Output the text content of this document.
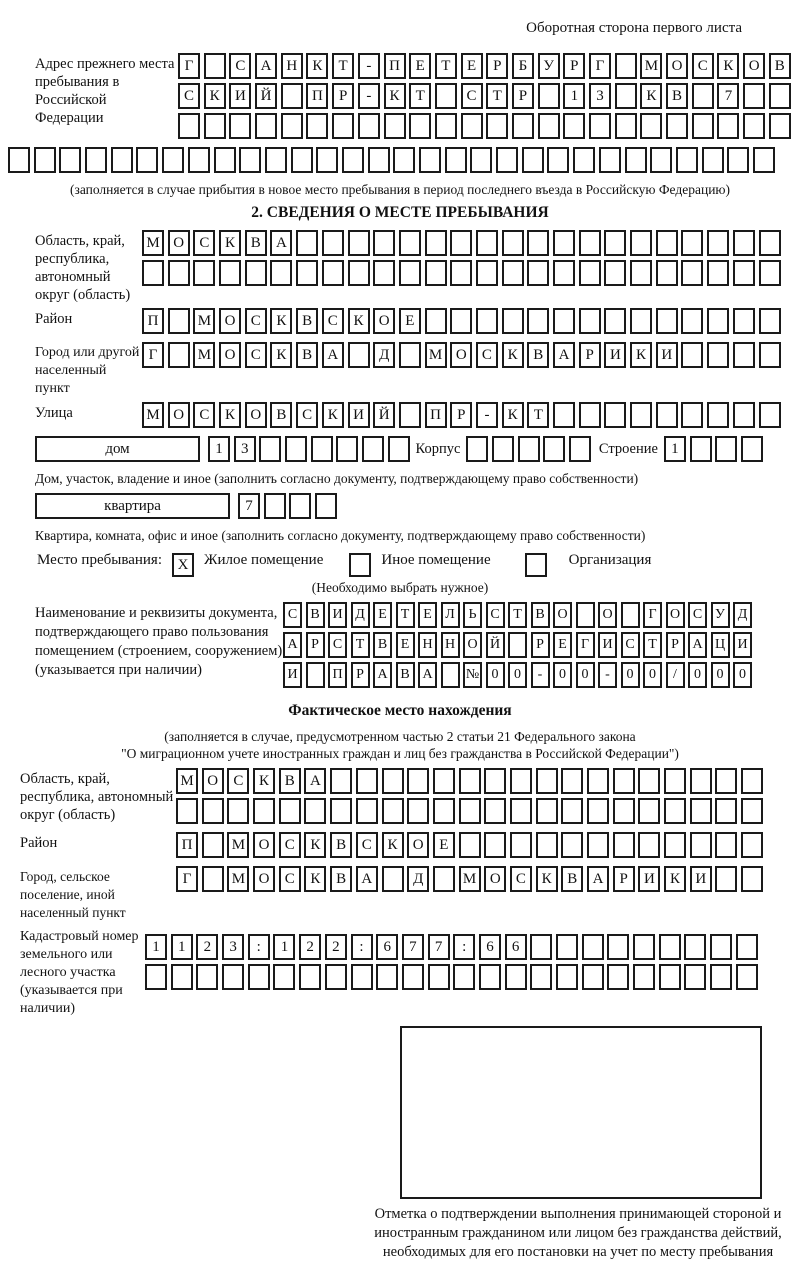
Оборотная сторона первого листа
Адрес прежнего места пребывания в Российской Федерации
Г	С	А Н	К	Т	-	П	Е	Т	Е	Р	Б	У	Р	Г	М О	С	К	О	В
С	К	И Й	П	Р	-	К	Т	С	Т	Р	1	3	К	В	7
(заполняется в случае прибытия в новое место пребывания в период последнего въезда в Российскую Федерацию)
2. СВЕДЕНИЯ О МЕСТЕ ПРЕБЫВАНИЯ
Область, край, республика, автономный округ (область)
М О	С	К	В	А
Район	П	М О	С	К	В	С	К	О	Е
Город или другой населенный пункт
Г	М О	С	К	В	А	Д	М О	С	К	В	А	Р	И	К	И
Улица	М О	С	К	О	В	С	К	И Й	П	Р	-	К	Т
дом	1	3	Корпус	Строение 1
Дом, участок, владение и иное (заполнить согласно документу, подтверждающему право собственности)
квартира	7
Квартира, комната, офис и иное (заполнить согласно документу, подтверждающему право собственности)
Место пребывания:	X	Жилое помещение	Иное помещение	Организация
(Необходимо выбрать нужное)
Наименование и реквизиты документа, подтверждающего право пользования помещением (строением, сооружением) (указывается при наличии)
С В И Д Е Т Е Л Ь С Т В О	О	Г О С У Д
А Р С Т В Е Н Н О Й	Р	Е	Г И С Т	Р А Ц И
И	П Р А В А	№ 0	0	-	0	0	-	0	0	/	0	0	0
Фактическое место нахождения
(заполняется в случае, предусмотренном частью 2 статьи 21 Федерального закона
"О миграционном учете иностранных граждан и лиц без гражданства в Российской Федерации")
Область, край, республика, автономный округ (область)
М О	С	К	В	А
Район	П	М О	С	К	В	С	К	О	Е
Город, сельское поселение, иной населенный пункт
Г	М О	С	К	В	А	Д	М О	С	К	В	А	Р	И	К	И
Кадастровый номер земельного или лесного участка (указывается при наличии)
1	1	2	3	:	1	2	2	:	6	7	7	:	6	6
Отметка о подтверждении выполнения принимающей стороной и иностранным гражданином или лицом без гражданства действий, необходимых для его постановки на учет по месту пребывания
